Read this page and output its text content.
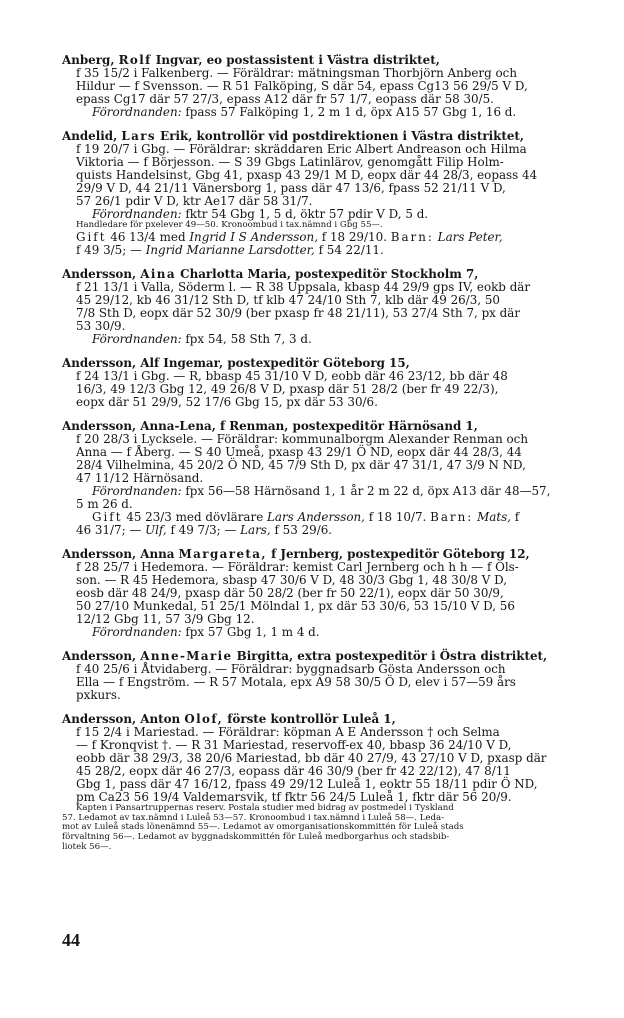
Anberg, Rolf Ingvar, eo postassistent i Västra distriktet,
f 35 15/2 i Falkenberg. — Föräldrar: mätningsman Thorbjörn Anberg och
Hildur — f Svensson. — R 51 Falköping, S där 54, epass Cg13 56 29/5 V D,
epass Cg17 där 57 27/3, epass A12 där fr 57 1/7, eopass där 58 30/5.
Förordnanden: fpass 57 Falköping 1, 2 m 1 d, öpx A15 57 Gbg 1, 16 d.
Andelid, Lars Erik, kontrollör vid postdirektionen i Västra distriktet,
f 19 20/7 i Gbg. — Föräldrar: skräddaren Eric Albert Andreason och Hilma
Viktoria — f Börjesson. — S 39 Gbgs Latinlärov, genomgått Filip Holm-
quists Handelsinst, Gbg 41, pxasp 43 29/1 M D, eopx där 44 28/3, eopass 44
29/9 V D, 44 21/11 Vänersborg 1, pass där 47 13/6, fpass 52 21/11 V D,
57 26/1 pdir V D, ktr Ae17 där 58 31/7.
Förordnanden: fktr 54 Gbg 1, 5 d, öktr 57 pdir V D, 5 d.
Handledare för pxelever 49—50. Kronoombud i tax.nämnd i Gbg 55—.
Gift 46 13/4 med Ingrid I S Andersson, f 18 29/10. Barn: Lars Peter,
f 49 3/5; — Ingrid Marianne Larsdotter, f 54 22/11.
Andersson, Aina Charlotta Maria, postexpeditör Stockholm 7,
f 21 13/1 i Valla, Söderm l. — R 38 Uppsala, kbasp 44 29/9 gps IV, eokb där
45 29/12, kb 46 31/12 Sth D, tf klb 47 24/10 Sth 7, klb där 49 26/3, 50
7/8 Sth D, eopx där 52 30/9 (ber pxasp fr 48 21/11), 53 27/4 Sth 7, px där
53 30/9.
Förordnanden: fpx 54, 58 Sth 7, 3 d.
Andersson, Alf Ingemar, postexpeditör Göteborg 15,
f 24 13/1 i Gbg. — R, bbasp 45 31/10 V D, eobb där 46 23/12, bb där 48
16/3, 49 12/3 Gbg 12, 49 26/8 V D, pxasp där 51 28/2 (ber fr 49 22/3),
eopx där 51 29/9, 52 17/6 Gbg 15, px där 53 30/6.
Andersson, Anna-Lena, f Renman, postexpeditör Härnösand 1,
f 20 28/3 i Lycksele. — Föräldrar: kommunalborgm Alexander Renman och
Anna — f Åberg. — S 40 Umeå, pxasp 43 29/1 Ö ND, eopx där 44 28/3, 44
28/4 Vilhelmina, 45 20/2 Ö ND, 45 7/9 Sth D, px där 47 31/1, 47 3/9 N ND,
47 11/12 Härnösand.
Förordnanden: fpx 56—58 Härnösand 1, 1 år 2 m 22 d, öpx A13 där 48—57,
5 m 26 d.
Gift 45 23/3 med dövlärare Lars Andersson, f 18 10/7. Barn: Mats, f
46 31/7; — Ulf, f 49 7/3; — Lars, f 53 29/6.
Andersson, Anna Margareta, f Jernberg, postexpeditör Göteborg 12,
f 28 25/7 i Hedemora. — Föräldrar: kemist Carl Jernberg och h h — f Ols-
son. — R 45 Hedemora, sbasp 47 30/6 V D, 48 30/3 Gbg 1, 48 30/8 V D,
eosb där 48 24/9, pxasp där 50 28/2 (ber fr 50 22/1), eopx där 50 30/9,
50 27/10 Munkedal, 51 25/1 Mölndal 1, px där 53 30/6, 53 15/10 V D, 56
12/12 Gbg 11, 57 3/9 Gbg 12.
Förordnanden: fpx 57 Gbg 1, 1 m 4 d.
Andersson, Anne-Marie Birgitta, extra postexpeditör i Östra distriktet,
f 40 25/6 i Åtvidaberg. — Föräldrar: byggnadsarb Gösta Andersson och
Ella — f Engström. — R 57 Motala, epx A9 58 30/5 Ö D, elev i 57—59 års
pxkurs.
Andersson, Anton Olof, förste kontrollör Luleå 1,
f 15 2/4 i Mariestad. — Föräldrar: köpman A E Andersson † och Selma
— f Kronqvist †. — R 31 Mariestad, reservoff-ex 40, bbasp 36 24/10 V D,
eobb där 38 29/3, 38 20/6 Mariestad, bb där 40 27/9, 43 27/10 V D, pxasp där
45 28/2, eopx där 46 27/3, eopass där 46 30/9 (ber fr 42 22/12), 47 8/11
Gbg 1, pass där 47 16/12, fpass 49 29/12 Luleå 1, eoktr 55 18/11 pdir Ö ND,
pm Ca23 56 19/4 Valdemarsvik, tf fktr 56 24/5 Luleå 1, fktr där 56 20/9.
Kapten i Pansartruppernas reserv. Postala studier med bidrag av postmedel i Tyskland
57. Ledamot av tax.nämnd i Luleå 53—57. Kronoombud i tax.nämnd i Luleå 58—. Leda-
mot av Luleå stads lönenämnd 55—. Ledamot av omorganisationskommittén för Luleå stads
förvaltning 56—. Ledamot av byggnadskommittén för Luleå medborgarhus och stadsbib-
liotek 56—.
44
